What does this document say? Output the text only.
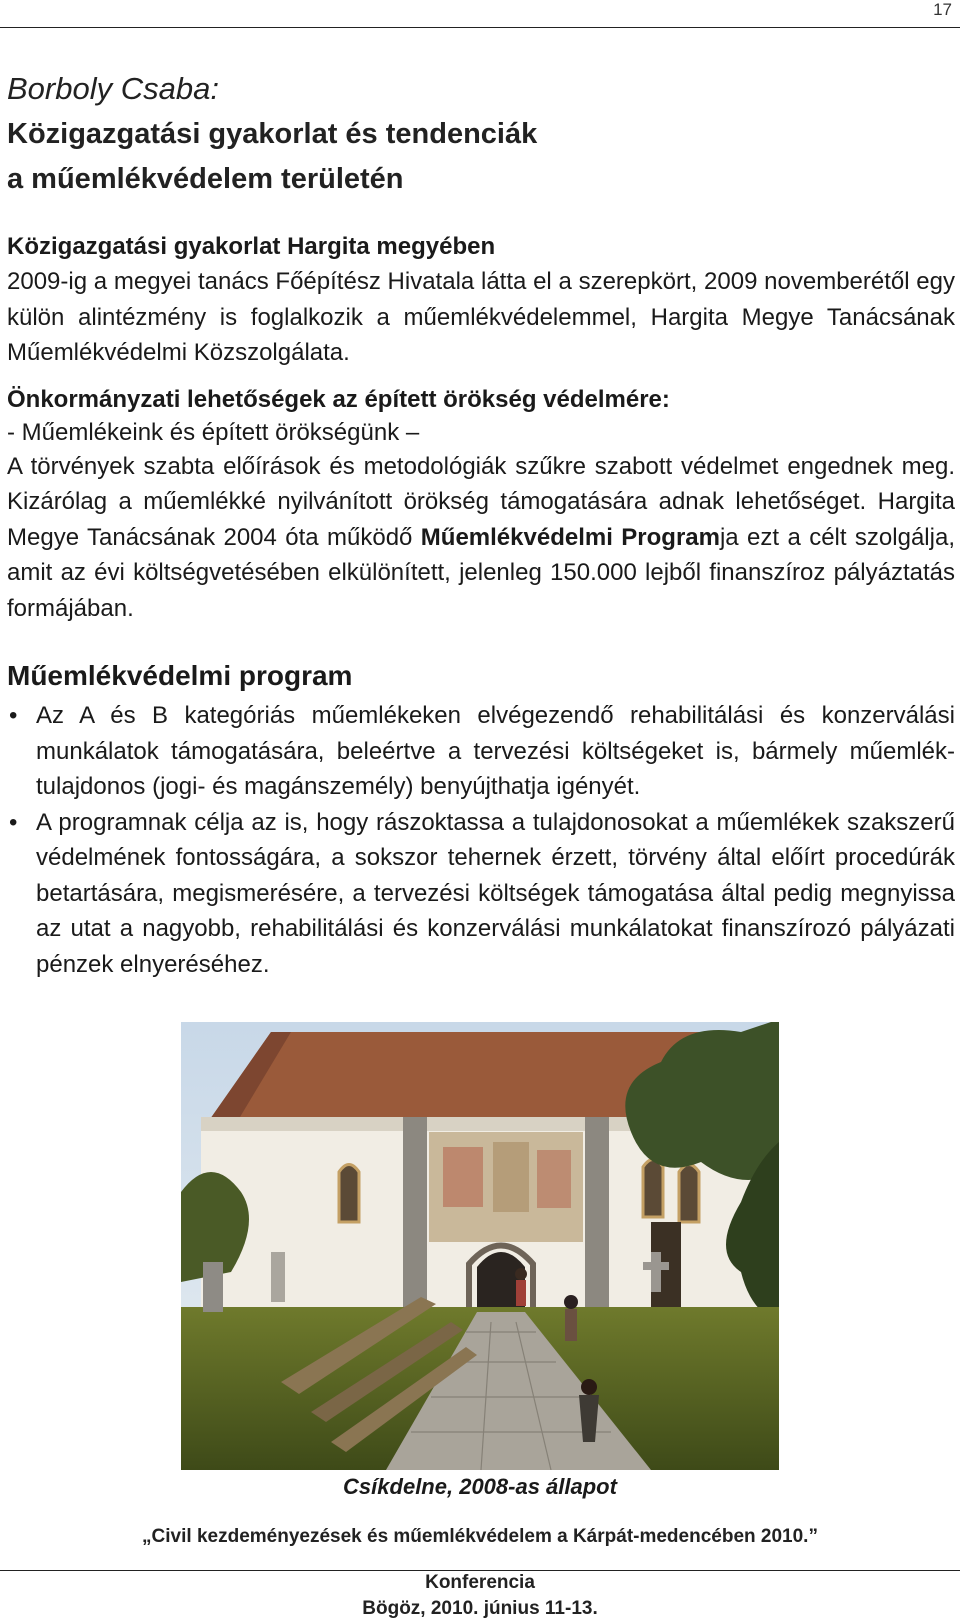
17

Borboly Csaba:

Közigazgatási gyakorlat és tendenciák

a műemlékvédelem területén

Közigazgatási gyakorlat Hargita megyében

2009-ig a megyei tanács Főépítész Hivatala látta el a szerepkört, 2009 novemberétől egy külön alintézmény is foglalkozik a műemlékvédelemmel, Hargita Megye Tanácsának Műemlékvédelmi Közszolgálata.

Önkormányzati lehetőségek az épített örökség védelmére:

- Műemlékeink és épített örökségünk –

A törvények szabta előírások és metodológiák szűkre szabott védelmet engednek meg. Kizárólag a műemlékké nyilvánított örökség támogatására adnak lehetőséget. Hargita Megye Tanácsának 2004 óta működő Műemlékvédelmi Programja ezt a célt szolgálja, amit az évi költségvetésében elkülönített, jelenleg 150.000 lejből finanszíroz pályáztatás formájában.

Műemlékvédelmi program

• Az A és B kategóriás műemlékeken elvégezendő rehabilitálási és konzerválási munkálatok támogatására, beleértve a tervezési költségeket is, bármely műemlék-tulajdonos (jogi- és magánszemély) benyújthatja igényét.
• A programnak célja az is, hogy rászoktassa a tulajdonosokat a műemlékek szakszerű védelmének fontosságára, a sokszor tehernek érzett, törvény által előírt procedúrák betartására, megismerésére, a tervezési költségek támogatása által pedig megnyissa az utat a nagyobb, rehabilitálási és konzerválási munkálatokat finanszírozó pályázati pénzek elnyeréséhez.
Csíkdelne, 2008-as állapot
„Civil kezdeményezések és műemlékvédelem a Kárpát-medencében 2010.”
Konferencia
Bögöz, 2010. június 11-13.
